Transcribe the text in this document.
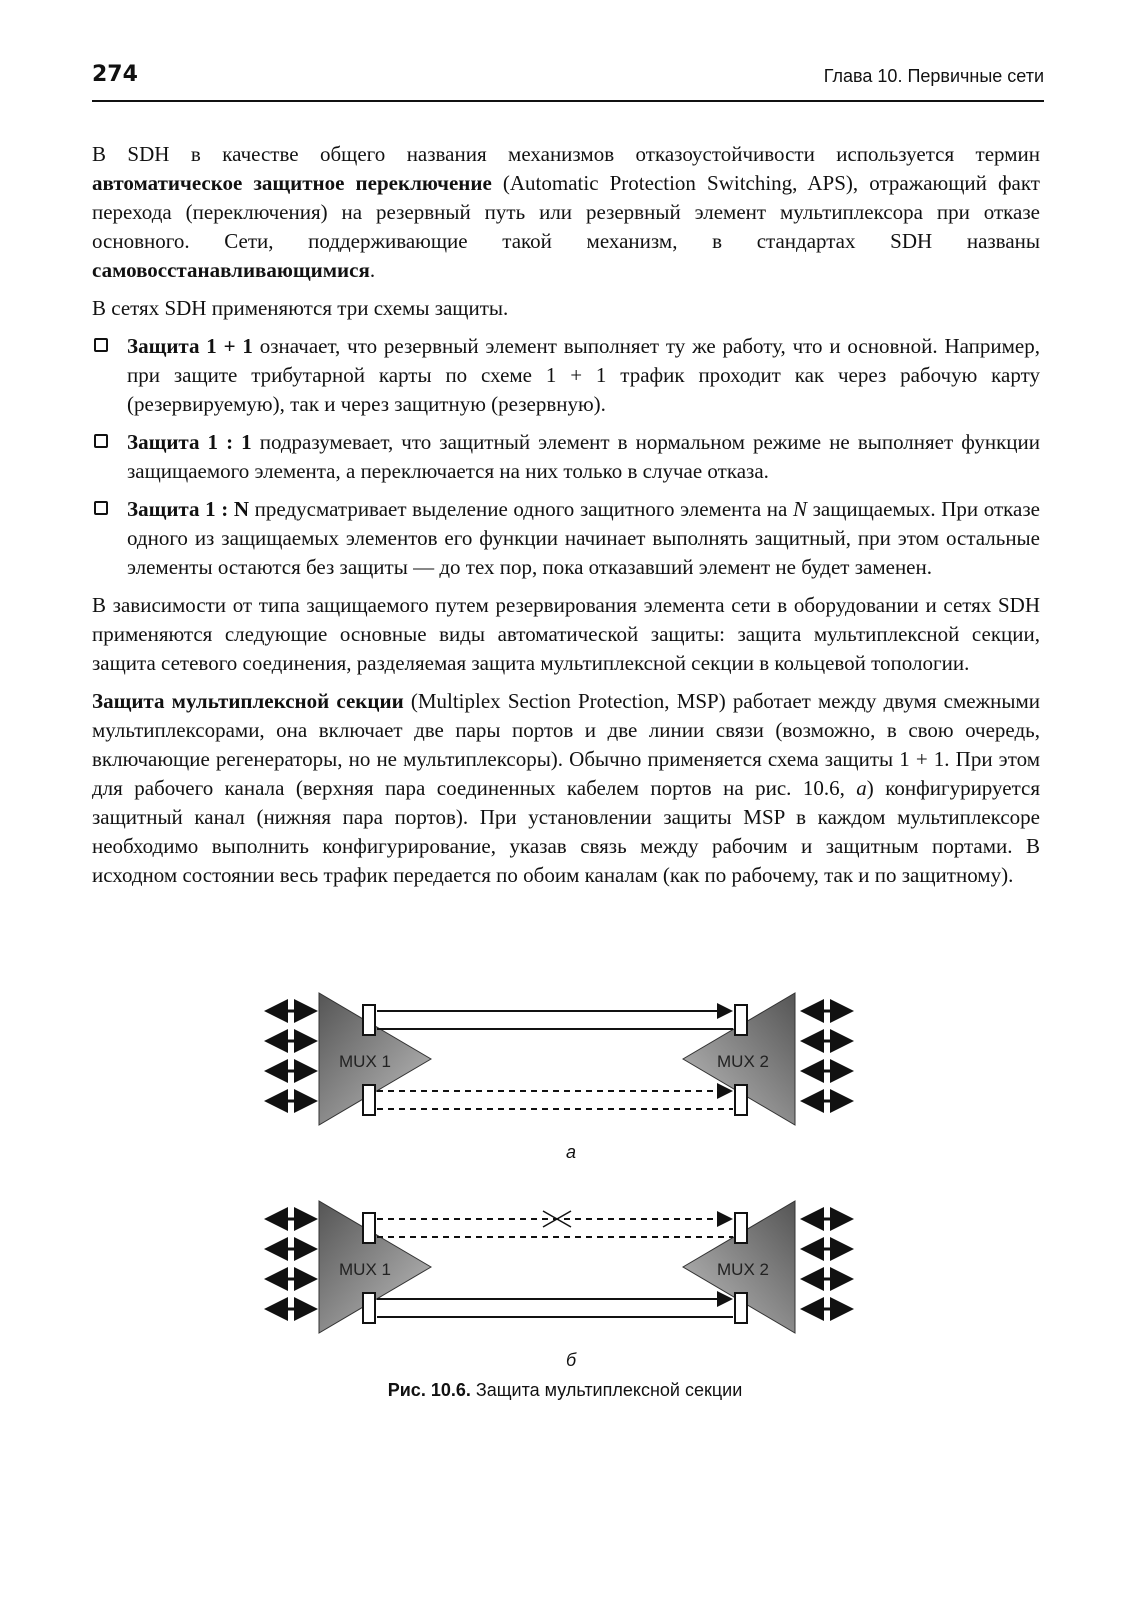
274	Глава 10. Первичные сети

В SDH в качестве общего названия механизмов отказоустойчивости используется термин автоматическое защитное переключение (Automatic Protection Switching, APS), отражающий факт перехода (переключения) на резервный путь или резервный элемент мультиплексора при отказе основного. Сети, поддерживающие такой механизм, в стандартах SDH названы самовосстанавливающимися.

В сетях SDH применяются три схемы защиты.

Защита 1 + 1 означает, что резервный элемент выполняет ту же работу, что и основной. Например, при защите трибутарной карты по схеме 1 + 1 трафик проходит как через рабочую карту (резервируемую), так и через защитную (резервную).
Защита 1 : 1 подразумевает, что защитный элемент в нормальном режиме не выполняет функции защищаемого элемента, а переключается на них только в случае отказа.
Защита 1 : N предусматривает выделение одного защитного элемента на N защищаемых. При отказе одного из защищаемых элементов его функции начинает выполнять защитный, при этом остальные элементы остаются без защиты — до тех пор, пока отказавший элемент не будет заменен.

В зависимости от типа защищаемого путем резервирования элемента сети в оборудовании и сетях SDH применяются следующие основные виды автоматической защиты: защита мультиплексной секции, защита сетевого соединения, разделяемая защита мультиплексной секции в кольцевой топологии.

Защита мультиплексной секции (Multiplex Section Protection, MSP) работает между двумя смежными мультиплексорами, она включает две пары портов и две линии связи (возможно, в свою очередь, включающие регенераторы, но не мультиплексоры). Обычно применяется схема защиты 1 + 1. При этом для рабочего канала (верхняя пара соединенных кабелем портов на рис. 10.6, а) конфигурируется защитный канал (нижняя пара портов). При установлении защиты MSP в каждом мультиплексоре необходимо выполнить конфигурирование, указав связь между рабочим и защитным портами. В исходном состоянии весь трафик передается по обоим каналам (как по рабочему, так и по защитному).

MUX 1	MUX 2
а
MUX 1	MUX 2
б
Рис. 10.6. Защита мультиплексной секции
